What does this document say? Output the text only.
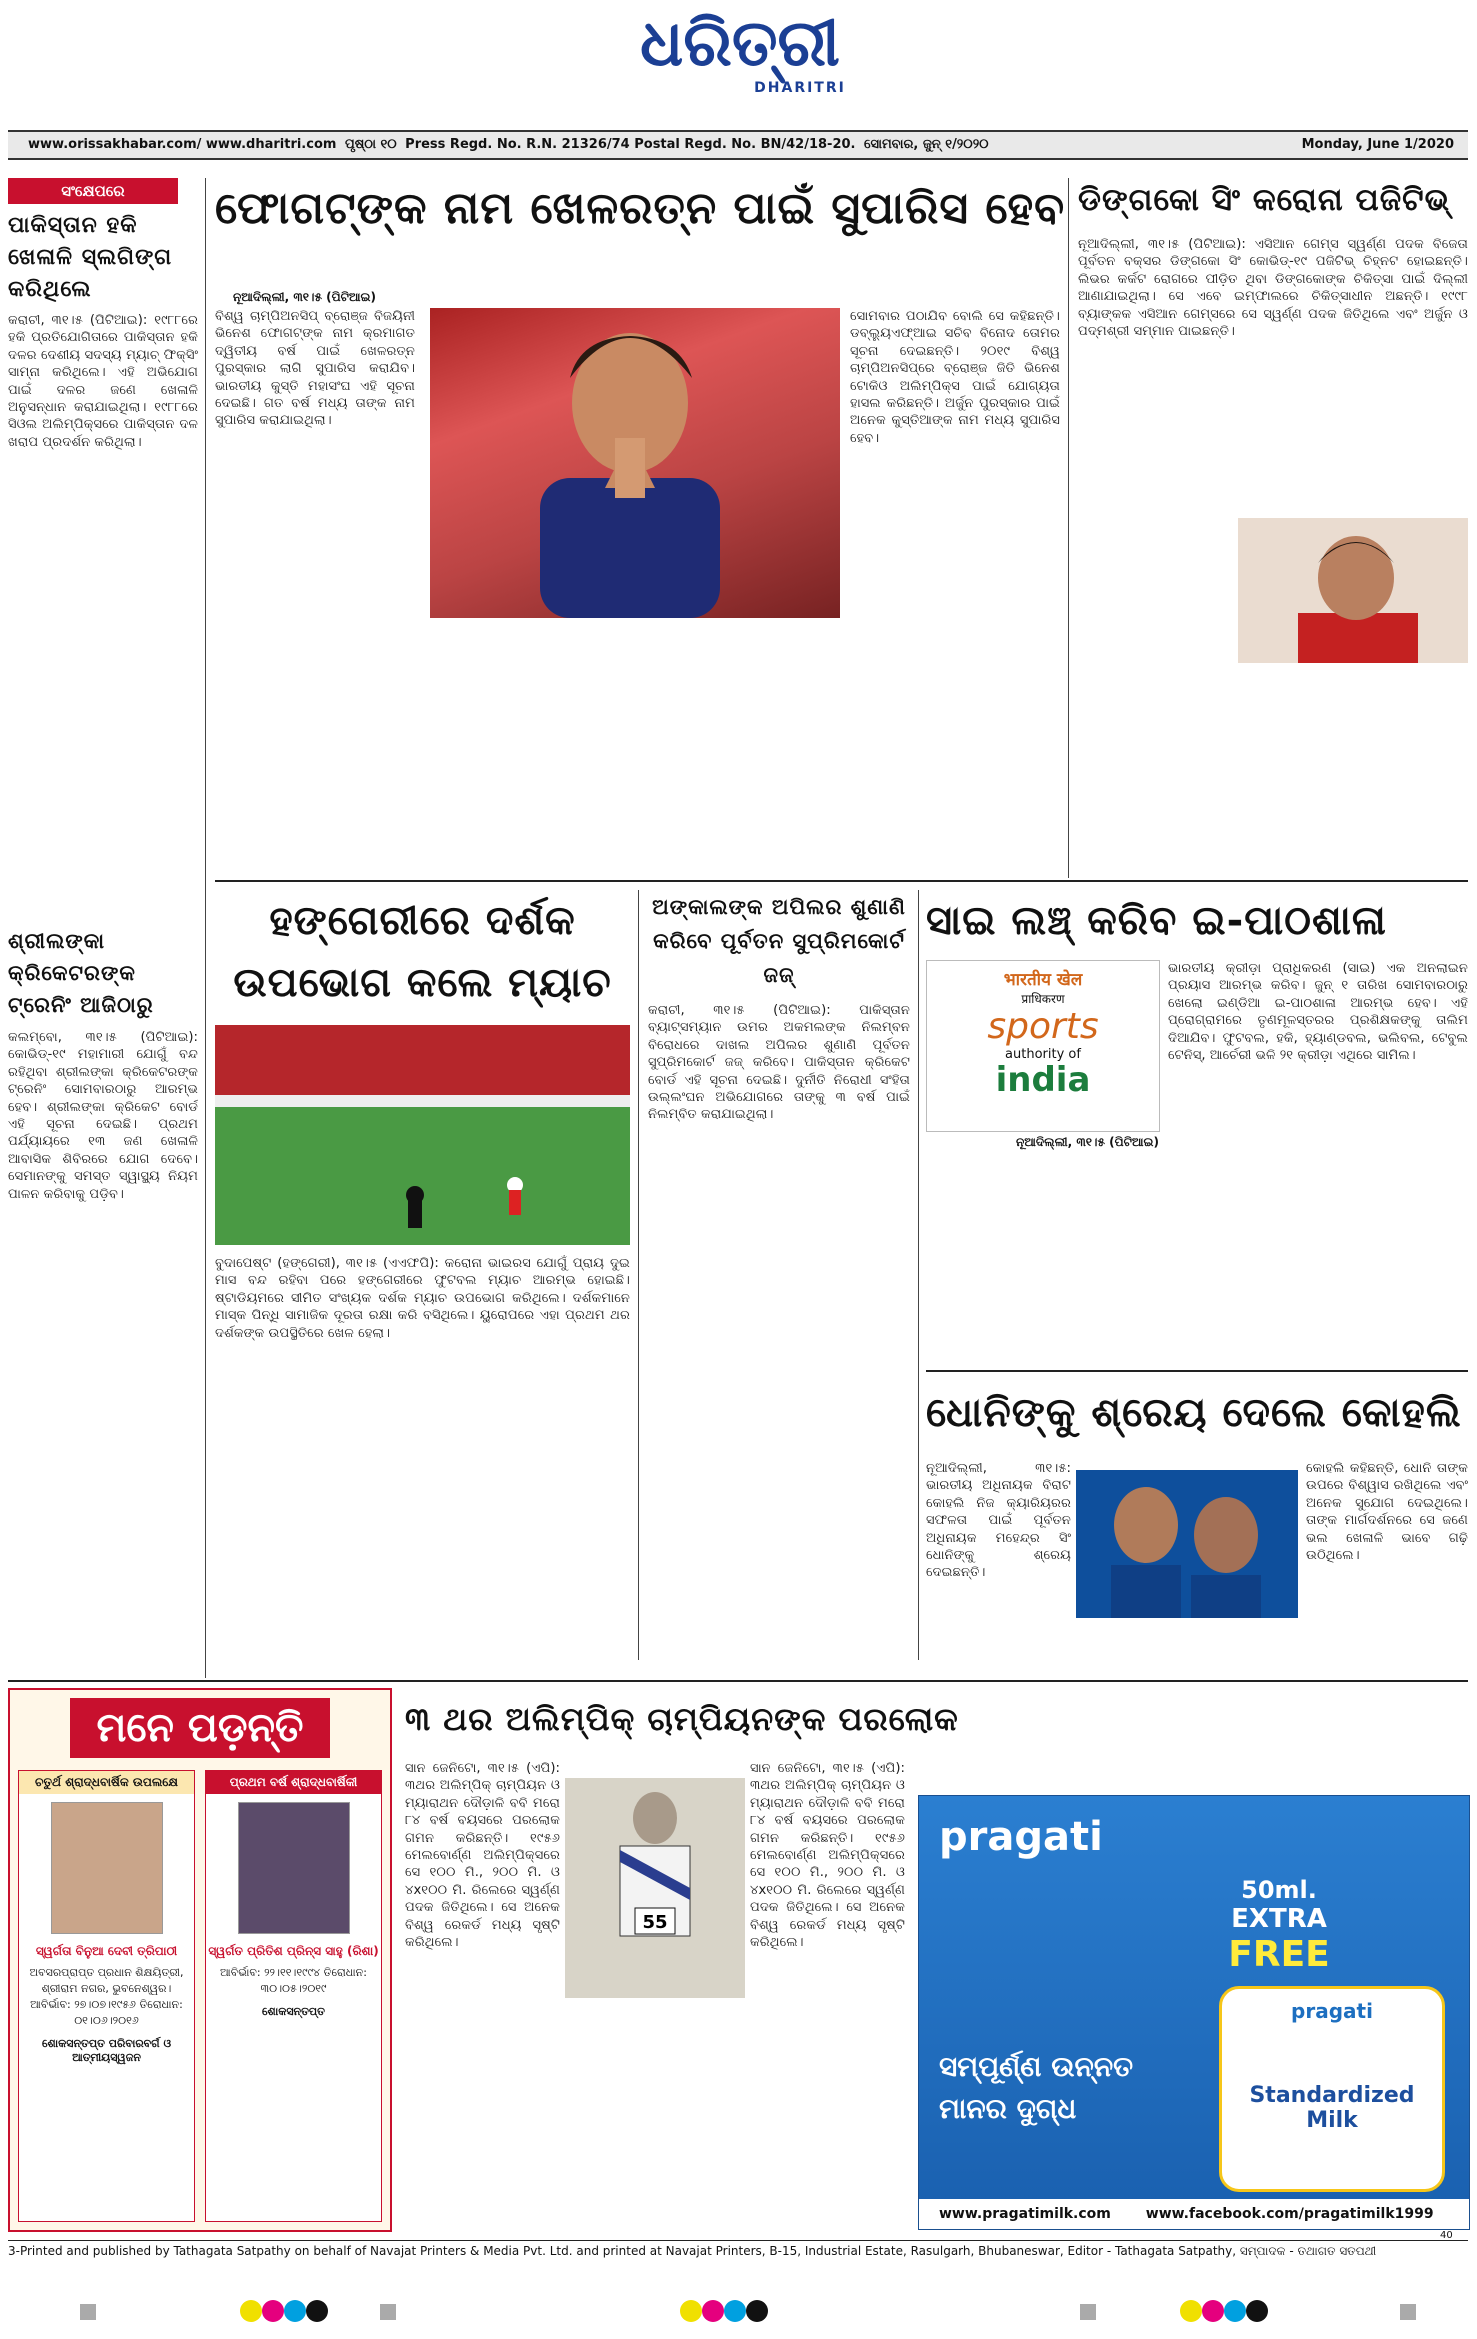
ଧରିତ୍ରୀ
DHARITRI
www.orissakhabar.com/ www.dharitri.com ପୃଷ୍ଠା ୧୦ Press Regd. No. R.N. 21326/74 Postal Regd. No. BN/42/18-20. ସୋମବାର, ଜୁନ୍ ୧/୨୦୨୦	Monday, June 1/2020
ସଂକ୍ଷେପରେ
ପାକିସ୍ତାନ ହକି ଖେଳାଳି ସ୍ଲଗିଙ୍ଗ କରିଥିଲେ
କରାଚୀ, ୩୧।୫ (ପିଟିଆଇ): ୧୯୮୮ରେ ହକି ପ୍ରତିଯୋଗିତାରେ ପାକିସ୍ତାନ ହକି ଦଳର ଦେଶୀୟ ସଦସ୍ୟ ମ୍ୟାଚ୍ ଫିକ୍ସିଂ ସାମ୍ନା କରିଥିଲେ। ଏହି ଅଭିଯୋଗ ପାଇଁ ଦଳର ଜଣେ ଖେଳାଳି ଅନୁସନ୍ଧାନ କରାଯାଇଥିଲା। ୧୯୮୮ରେ ସିଓଲ ଅଲିମ୍ପିକ୍ସରେ ପାକିସ୍ତାନ ଦଳ ଖରାପ ପ୍ରଦର୍ଶନ କରିଥିଲା।
ଫୋଗଟ୍‌ଙ୍କ ନାମ ଖେଳରତ୍ନ ପାଇଁ ସୁପାରିସ ହେବ
ନୂଆଦିଲ୍ଲୀ, ୩୧।୫ (ପିଟିଆଇ)
ବିଶ୍ୱ ଚାମ୍ପିଅନସିପ୍ ବ୍ରୋଞ୍ଜ ବିଜୟିନୀ ଭିନେଶ ଫୋଗଟ୍‌ଙ୍କ ନାମ କ୍ରମାଗତ ଦ୍ୱିତୀୟ ବର୍ଷ ପାଇଁ ଖେଳରତ୍ନ ପୁରସ୍କାର ଲାଗି ସୁପାରିସ କରାଯିବ। ଭାରତୀୟ କୁସ୍ତି ମହାସଂଘ ଏହି ସୂଚନା ଦେଇଛି। ଗତ ବର୍ଷ ମଧ୍ୟ ତାଙ୍କ ନାମ ସୁପାରିସ କରାଯାଇଥିଲା।
ସୋମବାର ପଠାଯିବ ବୋଲି ସେ କହିଛନ୍ତି। ଡବ୍ଲ୍ୟୁଏଫ୍‌ଆଇ ସଚିବ ବିନୋଦ ତୋମର ସୂଚନା ଦେଇଛନ୍ତି। ୨୦୧୯ ବିଶ୍ୱ ଚାମ୍ପିଅନସିପ୍‌ରେ ବ୍ରୋଞ୍ଜ ଜିତି ଭିନେଶ ଟୋକିଓ ଅଲିମ୍ପିକ୍ସ ପାଇଁ ଯୋଗ୍ୟତା ହାସଲ କରିଛନ୍ତି। ଅର୍ଜୁନ ପୁରସ୍କାର ପାଇଁ ଅନେକ କୁସ୍ତିଆଙ୍କ ନାମ ମଧ୍ୟ ସୁପାରିସ ହେବ।
ଡିଙ୍ଗକୋ ସିଂ କରୋନା ପଜିଟିଭ୍
ନୂଆଦିଲ୍ଲୀ, ୩୧।୫ (ପିଟିଆଇ): ଏସିଆନ ଗେମ୍ସ ସ୍ୱର୍ଣ୍ଣ ପଦକ ବିଜେତା ପୂର୍ବତନ ବକ୍ସର ଡିଙ୍ଗକୋ ସିଂ କୋଭିଡ୍-୧୯ ପଜିଟିଭ୍ ଚିହ୍ନଟ ହୋଇଛନ୍ତି। ଲିଭର କର୍କଟ ରୋଗରେ ପୀଡ଼ିତ ଥିବା ଡିଙ୍ଗକୋଙ୍କ ଚିକିତ୍ସା ପାଇଁ ଦିଲ୍ଲୀ ଆଣାଯାଇଥିଲା। ସେ ଏବେ ଇମ୍ଫାଲରେ ଚିକିତ୍ସାଧୀନ ଅଛନ୍ତି। ୧୯୯୮ ବ୍ୟାଙ୍କକ ଏସିଆନ ଗେମ୍ସରେ ସେ ସ୍ୱର୍ଣ୍ଣ ପଦକ ଜିତିଥିଲେ ଏବଂ ଅର୍ଜୁନ ଓ ପଦ୍ମଶ୍ରୀ ସମ୍ମାନ ପାଇଛନ୍ତି।
ଶ୍ରୀଲଙ୍କା କ୍ରିକେଟରଙ୍କ ଟ୍ରେନିଂ ଆଜିଠାରୁ
କଲମ୍ବୋ, ୩୧।୫ (ପିଟିଆଇ): କୋଭିଡ୍-୧୯ ମହାମାରୀ ଯୋଗୁଁ ବନ୍ଦ ରହିଥିବା ଶ୍ରୀଲଙ୍କା କ୍ରିକେଟରଙ୍କ ଟ୍ରେନିଂ ସୋମବାରଠାରୁ ଆରମ୍ଭ ହେବ। ଶ୍ରୀଲଙ୍କା କ୍ରିକେଟ ବୋର୍ଡ ଏହି ସୂଚନା ଦେଇଛି। ପ୍ରଥମ ପର୍ଯ୍ୟାୟରେ ୧୩ ଜଣ ଖେଳାଳି ଆବାସିକ ଶିବିରରେ ଯୋଗ ଦେବେ। ସେମାନଙ୍କୁ ସମସ୍ତ ସ୍ୱାସ୍ଥ୍ୟ ନିୟମ ପାଳନ କରିବାକୁ ପଡ଼ିବ।
ହଙ୍ଗେରୀରେ ଦର୍ଶକ ଉପଭୋଗ କଲେ ମ୍ୟାଚ
ବୁଦାପେଷ୍ଟ (ହଙ୍ଗେରୀ), ୩୧।୫ (ଏଏଫପି): କରୋନା ଭାଇରସ ଯୋଗୁଁ ପ୍ରାୟ ଦୁଇ ମାସ ବନ୍ଦ ରହିବା ପରେ ହଙ୍ଗେରୀରେ ଫୁଟବଲ ମ୍ୟାଚ ଆରମ୍ଭ ହୋଇଛି। ଷ୍ଟାଡିୟମରେ ସୀମିତ ସଂଖ୍ୟକ ଦର୍ଶକ ମ୍ୟାଚ ଉପଭୋଗ କରିଥିଲେ। ଦର୍ଶକମାନେ ମାସ୍କ ପିନ୍ଧି ସାମାଜିକ ଦୂରତା ରକ୍ଷା କରି ବସିଥିଲେ। ୟୁରୋପରେ ଏହା ପ୍ରଥମ ଥର ଦର୍ଶକଙ୍କ ଉପସ୍ଥିତିରେ ଖେଳ ହେଲା।
ଅଙ୍କାଲଙ୍କ ଅପିଲର ଶୁଣାଣି କରିବେ ପୂର୍ବତନ ସୁପ୍ରିମକୋର୍ଟ ଜଜ୍
କରାଚୀ, ୩୧।୫ (ପିଟିଆଇ): ପାକିସ୍ତାନ ବ୍ୟାଟ୍ସମ୍ୟାନ ଉମର ଅକମଲଙ୍କ ନିଲମ୍ବନ ବିରୋଧରେ ଦାଖଲ ଅପିଲର ଶୁଣାଣି ପୂର୍ବତନ ସୁପ୍ରିମକୋର୍ଟ ଜଜ୍ କରିବେ। ପାକିସ୍ତାନ କ୍ରିକେଟ ବୋର୍ଡ ଏହି ସୂଚନା ଦେଇଛି। ଦୁର୍ନୀତି ନିରୋଧୀ ସଂହିତା ଉଲ୍ଲଂଘନ ଅଭିଯୋଗରେ ତାଙ୍କୁ ୩ ବର୍ଷ ପାଇଁ ନିଲମ୍ବିତ କରାଯାଇଥିଲା।
ସାଇ ଲଞ୍ଚ୍ କରିବ ଇ-ପାଠଶାଳା
भारतीय खेल
प्राधिकरण
sports
authority of
india
ନୂଆଦିଲ୍ଲୀ, ୩୧।୫ (ପିଟିଆଇ)
ଭାରତୀୟ କ୍ରୀଡ଼ା ପ୍ରାଧିକରଣ (ସାଇ) ଏକ ଅନଲାଇନ ପ୍ରୟାସ ଆରମ୍ଭ କରିବ। ଜୁନ୍ ୧ ତାରିଖ ସୋମବାରଠାରୁ ଖେଲୋ ଇଣ୍ଡିଆ ଇ-ପାଠଶାଳା ଆରମ୍ଭ ହେବ। ଏହି ପ୍ରୋଗ୍ରାମରେ ତୃଣମୂଳସ୍ତରର ପ୍ରଶିକ୍ଷକଙ୍କୁ ତାଲିମ ଦିଆଯିବ। ଫୁଟବଲ, ହକି, ହ୍ୟାଣ୍ଡବଲ, ଭଲିବଲ, ଟେବୁଲ ଟେନିସ୍, ଆର୍ଚେରୀ ଭଳି ୨୧ କ୍ରୀଡ଼ା ଏଥିରେ ସାମିଲ।
ଧୋନିଙ୍କୁ ଶ୍ରେୟ ଦେଲେ କୋହଲି
ନୂଆଦିଲ୍ଲୀ, ୩୧।୫: ଭାରତୀୟ ଅଧିନାୟକ ବିରାଟ କୋହଲି ନିଜ କ୍ୟାରିୟରର ସଫଳତା ପାଇଁ ପୂର୍ବତନ ଅଧିନାୟକ ମହେନ୍ଦ୍ର ସିଂ ଧୋନିଙ୍କୁ ଶ୍ରେୟ ଦେଇଛନ୍ତି।
କୋହଲି କହିଛନ୍ତି, ଧୋନି ତାଙ୍କ ଉପରେ ବିଶ୍ୱାସ ରଖିଥିଲେ ଏବଂ ଅନେକ ସୁଯୋଗ ଦେଇଥିଲେ। ତାଙ୍କ ମାର୍ଗଦର୍ଶନରେ ସେ ଜଣେ ଭଲ ଖେଳାଳି ଭାବେ ଗଢ଼ି ଉଠିଥିଲେ।
ମନେ ପଡ଼ନ୍ତି
ଚତୁର୍ଥ ଶ୍ରାଦ୍ଧବାର୍ଷିକ ଉପଲକ୍ଷେ
ସ୍ୱର୍ଗତା ବିନୁଆ ଦେବୀ ତ୍ରିପାଠୀ
ଅବସରପ୍ରାପ୍ତ ପ୍ରଧାନ ଶିକ୍ଷୟିତ୍ରୀ, ଶ୍ରୀରାମ ନଗର, ଭୁବନେଶ୍ୱର। ଆବିର୍ଭାବ: ୨୭।୦୭।୧୯୫୬ ତିରୋଧାନ: ୦୧।୦୬।୨୦୧୬
ଶୋକସନ୍ତପ୍ତ ପରିବାରବର୍ଗ ଓ ଆତ୍ମୀୟସ୍ୱଜନ
ପ୍ରଥମ ବର୍ଷ ଶ୍ରାଦ୍ଧବାର୍ଷିକୀ
ସ୍ୱର୍ଗତ ପ୍ରିତିଶ ପ୍ରିନ୍ସ ସାହୁ (ରିଶା)
ଆବିର୍ଭାବ: ୨୨।୧୧।୧୯୯୪ ତିରୋଧାନ: ୩୦।୦୫।୨୦୧୯
ଶୋକସନ୍ତପ୍ତ
୩ ଥର ଅଲିମ୍ପିକ୍ ଚାମ୍ପିୟନଙ୍କ ପରଲୋକ
55
ସାନ ଜେନିଟୋ, ୩୧।୫ (ଏପି): ୩ଥର ଅଲିମ୍ପିକ୍ ଚାମ୍ପିୟନ ଓ ମ୍ୟାରାଥନ ଦୌଡ଼ାଳି ବବି ମରୋ ୮୪ ବର୍ଷ ବୟସରେ ପରଲୋକ ଗମନ କରିଛନ୍ତି। ୧୯୫୬ ମେଲବୋର୍ଣ୍ଣ ଅଲିମ୍ପିକ୍ସରେ ସେ ୧୦୦ ମି., ୨୦୦ ମି. ଓ ୪x୧୦୦ ମି. ରିଲେରେ ସ୍ୱର୍ଣ୍ଣ ପଦକ ଜିତିଥିଲେ। ସେ ଅନେକ ବିଶ୍ୱ ରେକର୍ଡ ମଧ୍ୟ ସୃଷ୍ଟି କରିଥିଲେ।
ସାନ ଜେନିଟୋ, ୩୧।୫ (ଏପି): ୩ଥର ଅଲିମ୍ପିକ୍ ଚାମ୍ପିୟନ ଓ ମ୍ୟାରାଥନ ଦୌଡ଼ାଳି ବବି ମରୋ ୮୪ ବର୍ଷ ବୟସରେ ପରଲୋକ ଗମନ କରିଛନ୍ତି। ୧୯୫୬ ମେଲବୋର୍ଣ୍ଣ ଅଲିମ୍ପିକ୍ସରେ ସେ ୧୦୦ ମି., ୨୦୦ ମି. ଓ ୪x୧୦୦ ମି. ରିଲେରେ ସ୍ୱର୍ଣ୍ଣ ପଦକ ଜିତିଥିଲେ। ସେ ଅନେକ ବିଶ୍ୱ ରେକର୍ଡ ମଧ୍ୟ ସୃଷ୍ଟି କରିଥିଲେ।
pragati
50ml.
EXTRA
FREE
pragati
Standardized
Milk
ସମ୍ପୂର୍ଣ୍ଣ ଉନ୍ନତ
ମାନର ଦୁଗ୍ଧ
www.pragatimilk.com www.facebook.com/pragatimilk1999
3-Printed and published by Tathagata Satpathy on behalf of Navajat Printers & Media Pvt. Ltd. and printed at Navajat Printers, B-15, Industrial Estate, Rasulgarh, Bhubaneswar, Editor - Tathagata Satpathy, ସମ୍ପାଦକ - ତଥାଗତ ସତପଥୀ
40
